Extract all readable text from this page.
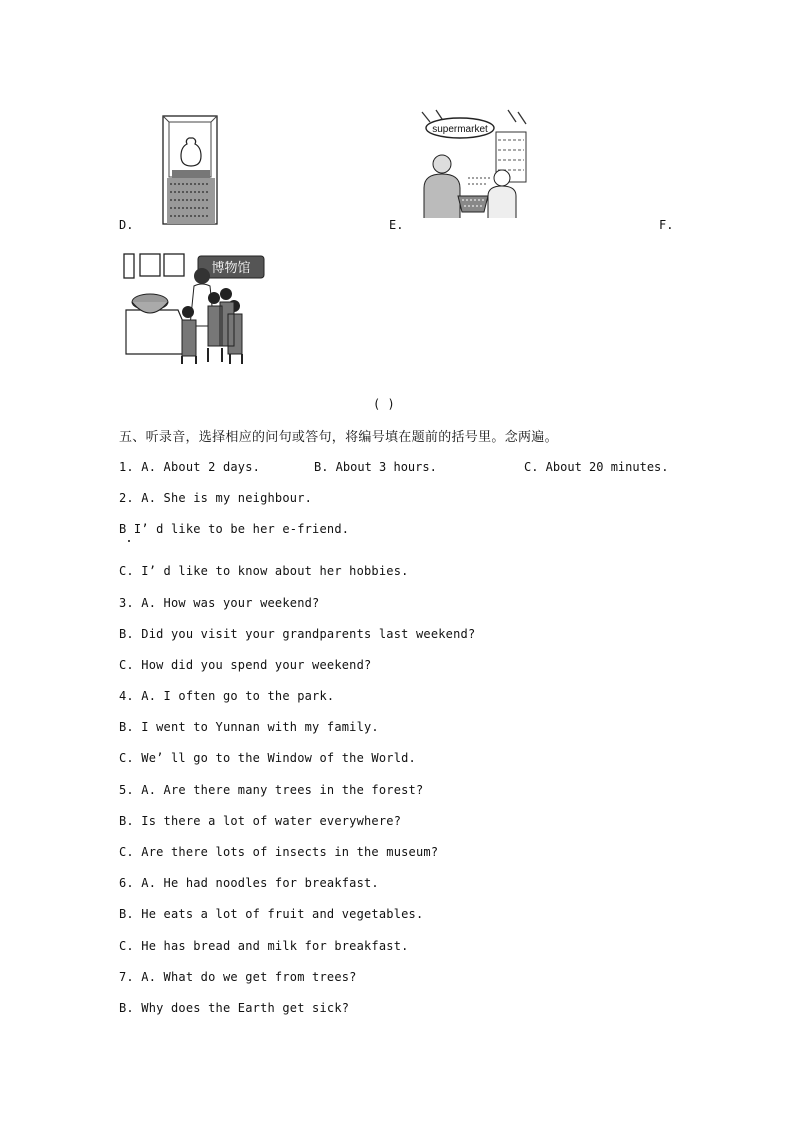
D.
supermarket
E.	F.
博物馆
( )
五、听录音，选择相应的问句或答句，将编号填在题前的括号里。念两遍。
1. A. About 2 days.	B. About 3 hours.	C. About 20 minutes.
2. A. She is my neighbour.
B I’ d like to be her e-friend.
C. I’ d like to know about her hobbies.
3. A. How was your weekend?
B. Did you visit your grandparents last weekend?
C. How did you spend your weekend?
4. A. I often go to the park.
B. I went to Yunnan with my family.
C. We’ ll go to the Window of the World.
5. A. Are there many trees in the forest?
B. Is there a lot of water everywhere?
C. Are there lots of insects in the museum?
6. A. He had noodles for breakfast.
B. He eats a lot of fruit and vegetables.
C. He has bread and milk for breakfast.
7. A. What do we get from trees?
B. Why does the Earth get sick?
